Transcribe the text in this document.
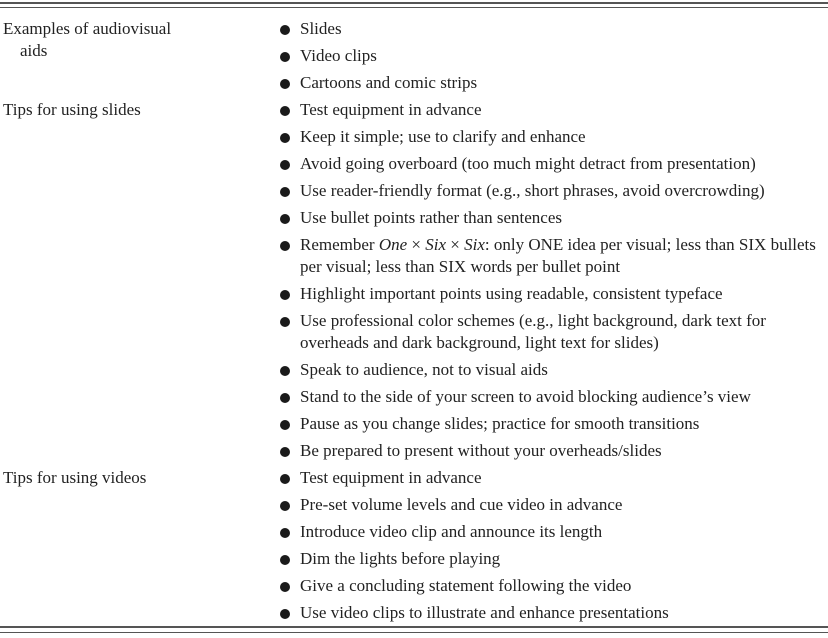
Examples of audiovisual
aids
Slides
Video clips
Cartoons and comic strips
Tips for using slides	Test equipment in advance
Keep it simple; use to clarify and enhance
Avoid going overboard (too much might detract from presentation)
Use reader-friendly format (e.g., short phrases, avoid overcrowding)
Use bullet points rather than sentences
Remember One × Six × Six: only ONE idea per visual; less than SIX bullets per visual; less than SIX words per bullet point
Highlight important points using readable, consistent typeface
Use professional color schemes (e.g., light background, dark text for overheads and dark background, light text for slides)
Speak to audience, not to visual aids
Stand to the side of your screen to avoid blocking audience’s view
Pause as you change slides; practice for smooth transitions
Be prepared to present without your overheads/slides
Tips for using videos	Test equipment in advance
Pre-set volume levels and cue video in advance
Introduce video clip and announce its length
Dim the lights before playing
Give a concluding statement following the video
Use video clips to illustrate and enhance presentations
